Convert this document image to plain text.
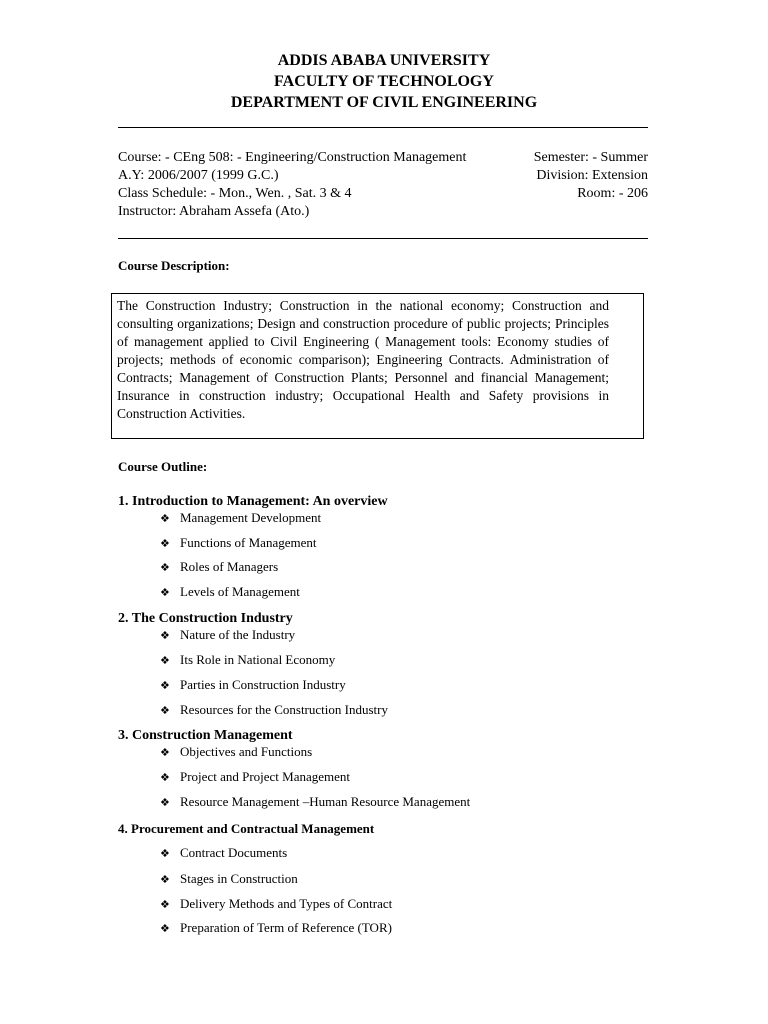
ADDIS ABABA UNIVERSITY
FACULTY OF TECHNOLOGY
DEPARTMENT OF CIVIL ENGINEERING
Course: - CEng 508: - Engineering/Construction Management	Semester: - Summer
A.Y: 2006/2007 (1999 G.C.)	Division: Extension
Class Schedule: - Mon., Wen. , Sat. 3 & 4	Room: - 206
Instructor: Abraham Assefa (Ato.)
Course Description:

The Construction Industry; Construction in the national economy; Construction and consulting organizations; Design and construction procedure of public projects; Principles of management applied to Civil Engineering ( Management tools: Economy studies of projects; methods of economic comparison); Engineering Contracts. Administration of Contracts; Management of Construction Plants; Personnel and financial Management; Insurance in construction industry; Occupational Health and Safety provisions in Construction Activities.

Course Outline:
1. Introduction to Management: An overview
❖ Management Development
❖ Functions of Management
❖ Roles of Managers
❖ Levels of Management
2. The Construction Industry
❖ Nature of the Industry
❖ Its Role in National Economy
❖ Parties in Construction Industry
❖ Resources for the Construction Industry
3. Construction Management
❖ Objectives and Functions
❖ Project and Project Management
❖ Resource Management –Human Resource Management
4. Procurement and Contractual Management
❖ Contract Documents
❖ Stages in Construction
❖ Delivery Methods and Types of Contract
❖ Preparation of Term of Reference (TOR)
